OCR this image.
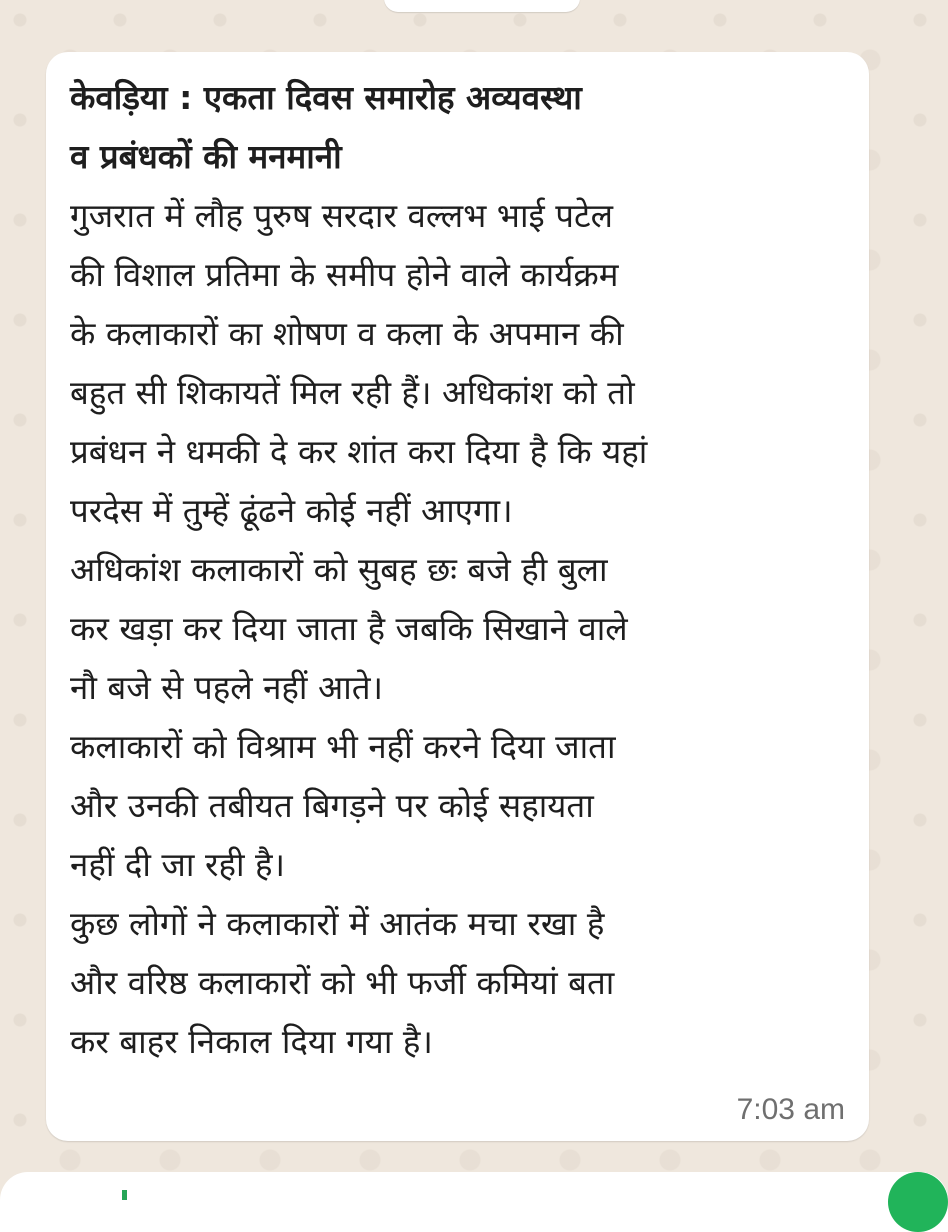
केवड़िया : एकता दिवस समारोह अव्यवस्था
व प्रबंधकों की मनमानी

गुजरात में लौह पुरुष सरदार वल्लभ भाई पटेल
की विशाल प्रतिमा के समीप होने वाले कार्यक्रम
के कलाकारों का शोषण व कला के अपमान की
बहुत सी शिकायतें मिल रही हैं। अधिकांश को तो
प्रबंधन ने धमकी दे कर शांत करा दिया है कि यहां
परदेस में तुम्हें ढूंढने कोई नहीं आएगा।
अधिकांश कलाकारों को सुबह छः बजे ही बुला
कर खड़ा कर दिया जाता है जबकि सिखाने वाले
नौ बजे से पहले नहीं आते।
कलाकारों को विश्राम भी नहीं करने दिया जाता
और उनकी तबीयत बिगड़ने पर कोई सहायता
नहीं दी जा रही है।
कुछ लोगों ने कलाकारों में आतंक मचा रखा है
और वरिष्ठ कलाकारों को भी फर्जी कमियां बता
कर बाहर निकाल दिया गया है।

7:03 am
